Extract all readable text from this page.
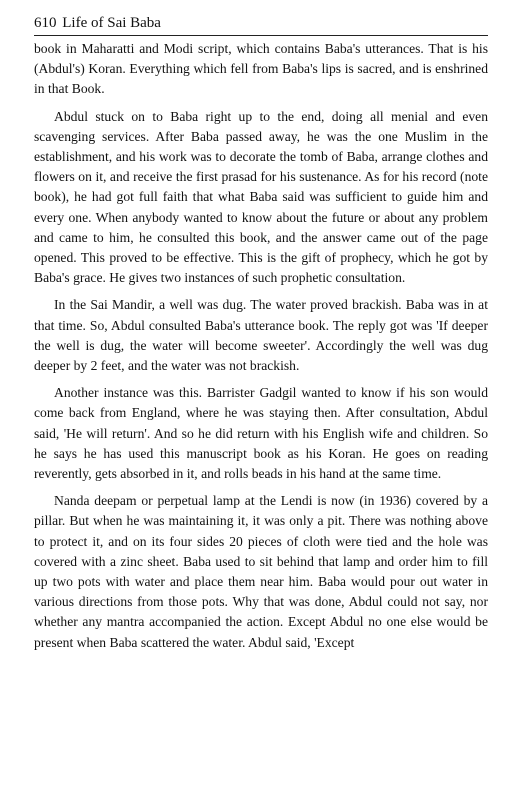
610 Life of Sai Baba

book in Maharatti and Modi script, which contains Baba's utterances. That is his (Abdul's) Koran. Everything which fell from Baba's lips is sacred, and is enshrined in that Book.

Abdul stuck on to Baba right up to the end, doing all menial and even scavenging services. After Baba passed away, he was the one Muslim in the establishment, and his work was to decorate the tomb of Baba, arrange clothes and flowers on it, and receive the first prasad for his sustenance. As for his record (note book), he had got full faith that what Baba said was sufficient to guide him and every one. When anybody wanted to know about the future or about any problem and came to him, he consulted this book, and the answer came out of the page opened. This proved to be effective. This is the gift of prophecy, which he got by Baba's grace. He gives two instances of such prophetic consultation.

In the Sai Mandir, a well was dug. The water proved brackish. Baba was in at that time. So, Abdul consulted Baba's utterance book. The reply got was 'If deeper the well is dug, the water will become sweeter'. Accordingly the well was dug deeper by 2 feet, and the water was not brackish.

Another instance was this. Barrister Gadgil wanted to know if his son would come back from England, where he was staying then. After consultation, Abdul said, 'He will return'. And so he did return with his English wife and children. So he says he has used this manuscript book as his Koran. He goes on reading reverently, gets absorbed in it, and rolls beads in his hand at the same time.

Nanda deepam or perpetual lamp at the Lendi is now (in 1936) covered by a pillar. But when he was maintaining it, it was only a pit. There was nothing above to protect it, and on its four sides 20 pieces of cloth were tied and the hole was covered with a zinc sheet. Baba used to sit behind that lamp and order him to fill up two pots with water and place them near him. Baba would pour out water in various directions from those pots. Why that was done, Abdul could not say, nor whether any mantra accompanied the action. Except Abdul no one else would be present when Baba scattered the water. Abdul said, 'Except
